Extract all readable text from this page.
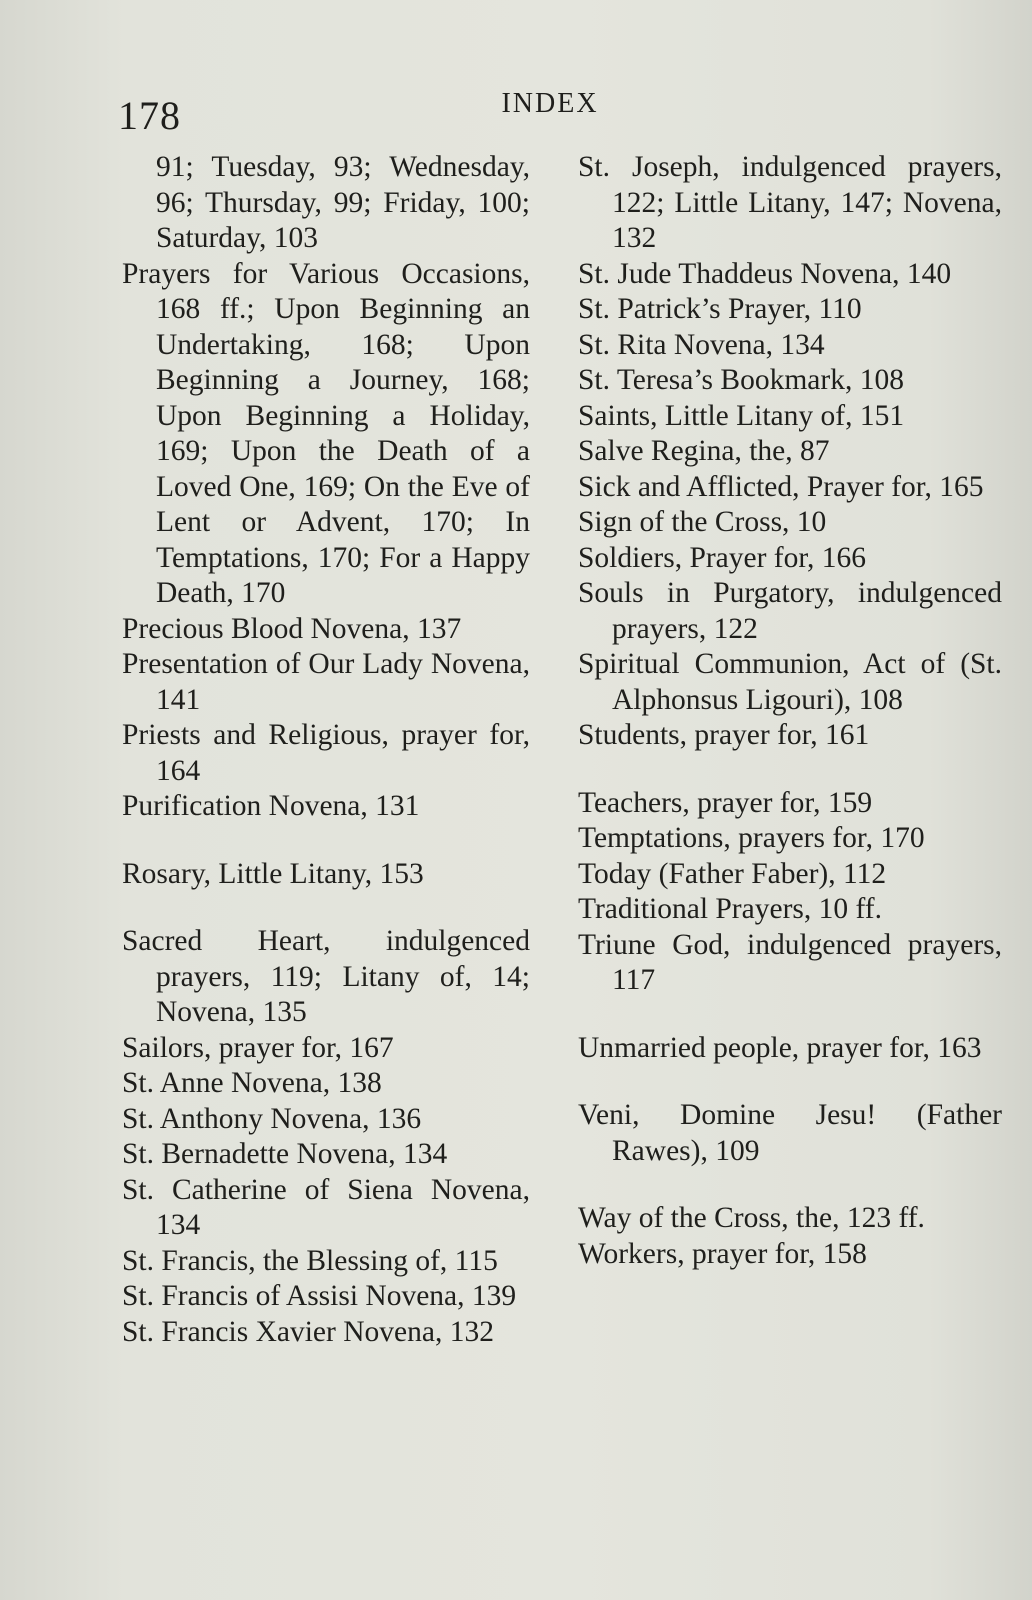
178	INDEX

91; Tuesday, 93; Wednesday, 96; Thursday, 99; Friday, 100; Saturday, 103

Prayers for Various Occasions, 168 ff.; Upon Beginning an Undertaking, 168; Upon Beginning a Journey, 168; Upon Beginning a Holiday, 169; Upon the Death of a Loved One, 169; On the Eve of Lent or Advent, 170; In Temptations, 170; For a Happy Death, 170

Precious Blood Novena, 137

Presentation of Our Lady Novena, 141

Priests and Religious, prayer for, 164

Purification Novena, 131

Rosary, Little Litany, 153

Sacred Heart, indulgenced prayers, 119; Litany of, 14; Novena, 135

Sailors, prayer for, 167

St. Anne Novena, 138

St. Anthony Novena, 136

St. Bernadette Novena, 134

St. Catherine of Siena Novena, 134

St. Francis, the Blessing of, 115

St. Francis of Assisi Novena, 139

St. Francis Xavier Novena, 132

St. Joseph, indulgenced prayers, 122; Little Litany, 147; Novena, 132

St. Jude Thaddeus Novena, 140

St. Patrick’s Prayer, 110

St. Rita Novena, 134

St. Teresa’s Bookmark, 108

Saints, Little Litany of, 151

Salve Regina, the, 87

Sick and Afflicted, Prayer for, 165

Sign of the Cross, 10

Soldiers, Prayer for, 166

Souls in Purgatory, indulgenced prayers, 122

Spiritual Communion, Act of (St. Alphonsus Ligouri), 108

Students, prayer for, 161

Teachers, prayer for, 159

Temptations, prayers for, 170

Today (Father Faber), 112

Traditional Prayers, 10 ff.

Triune God, indulgenced prayers, 117

Unmarried people, prayer for, 163

Veni, Domine Jesu! (Father Rawes), 109

Way of the Cross, the, 123 ff.

Workers, prayer for, 158
